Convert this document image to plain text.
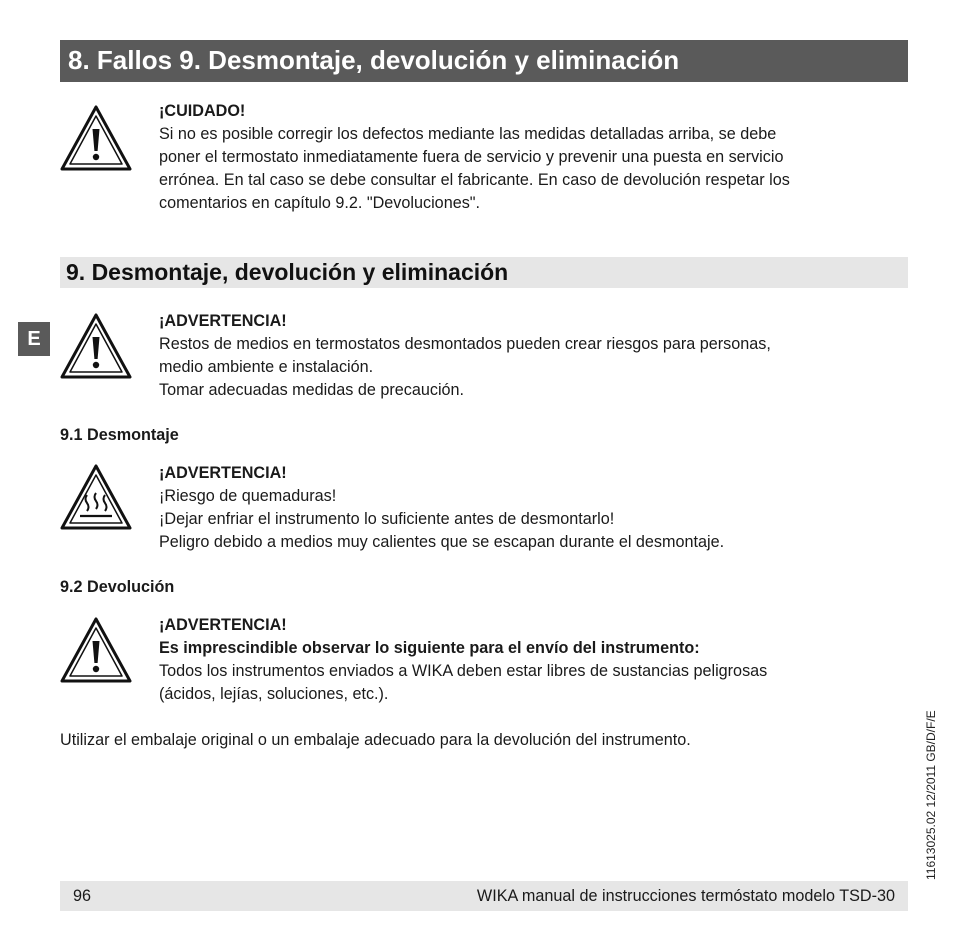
8. Fallos 9. Desmontaje, devolución y eliminación
¡CUIDADO!
Si no es posible corregir los defectos mediante las medidas detalladas arriba, se debe
poner el termostato inmediatamente fuera de servicio y prevenir una puesta en servicio
errónea. En tal caso se debe consultar el fabricante. En caso de devolución respetar los
comentarios en capítulo 9.2. "Devoluciones".
9. Desmontaje, devolución y eliminación
E
¡ADVERTENCIA!
Restos de medios en termostatos desmontados pueden crear riesgos para personas,
medio ambiente e instalación.
Tomar adecuadas medidas de precaución.
9.1 Desmontaje
¡ADVERTENCIA!
¡Riesgo de quemaduras!
¡Dejar enfriar el instrumento lo suficiente antes de desmontarlo!
Peligro debido a medios muy calientes que se escapan durante el desmontaje.
9.2 Devolución
¡ADVERTENCIA!
Es imprescindible observar lo siguiente para el envío del instrumento:
Todos los instrumentos enviados a WIKA deben estar libres de sustancias peligrosas
(ácidos, lejías, soluciones, etc.).
Utilizar el embalaje original o un embalaje adecuado para la devolución del instrumento.	11613025.02 12/2011 GB/D/F/E
96	WIKA manual de instrucciones termóstato modelo TSD-30
